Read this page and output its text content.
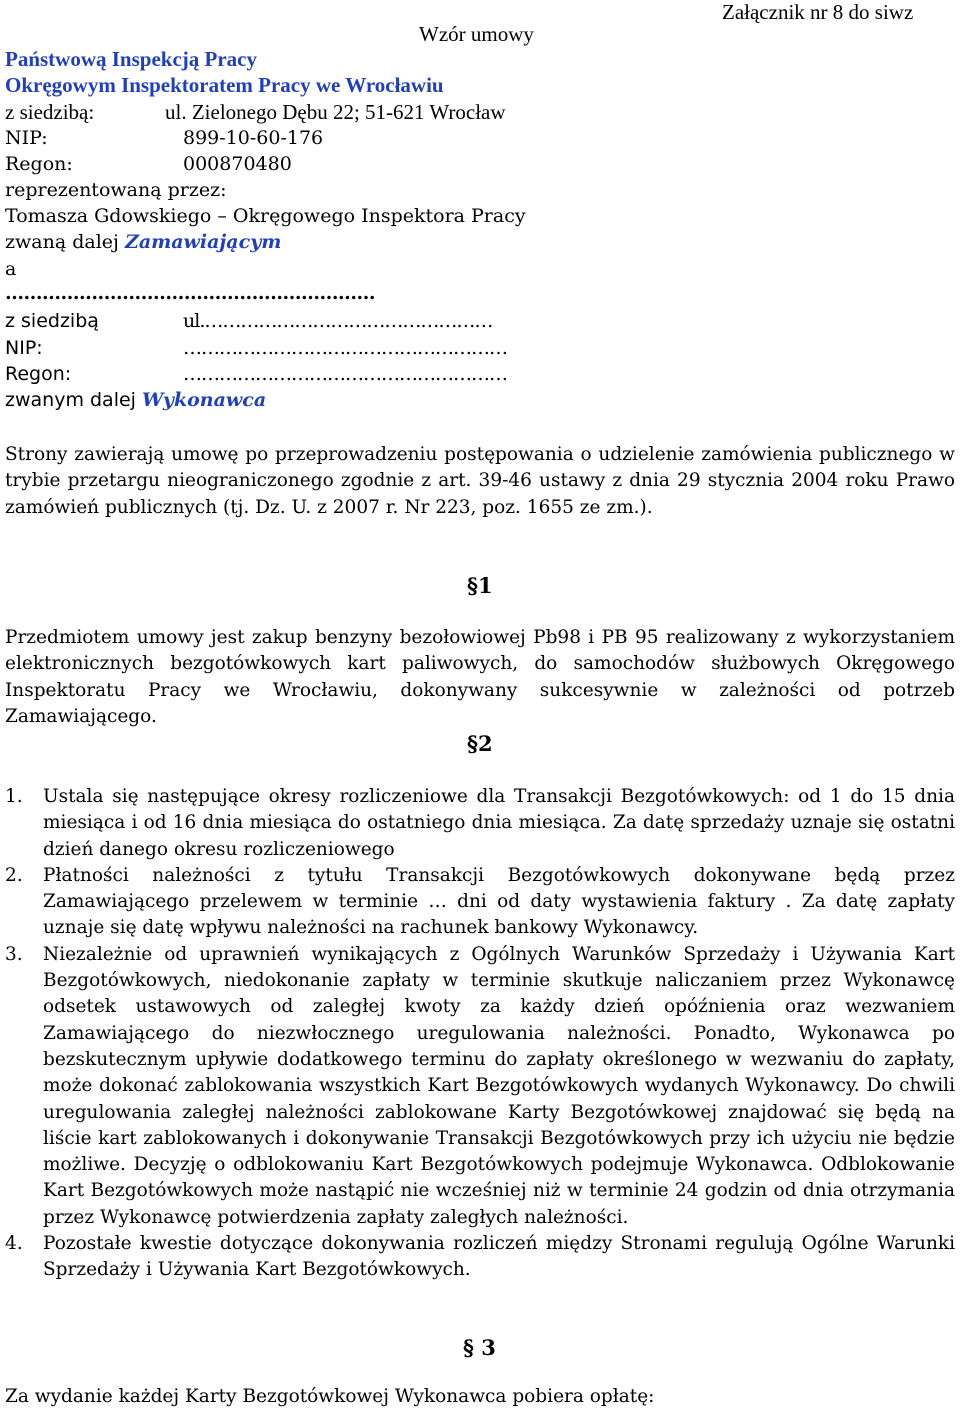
Załącznik nr 8 do siwz
Wzór umowy
Państwową Inspekcją Pracy
Okręgowym Inspektoratem Pracy we Wrocławiu
z siedzibą:	ul. Zielonego Dębu 22; 51-621 Wrocław
NIP:	899-10-60-176
Regon:	000870480
reprezentowaną przez:
Tomasza Gdowskiego – Okręgowego Inspektora Pracy
zwaną dalej Zamawiającym
a
……………………………………………………
z siedzibą	ul.…………………………………………
NIP:	………………………………………………
Regon:	………………………………………………
zwanym dalej Wykonawca
Strony zawierają umowę po przeprowadzeniu postępowania o udzielenie zamówienia publicznego w trybie przetargu nieograniczonego zgodnie z art. 39-46 ustawy z dnia 29 stycznia 2004 roku Prawo zamówień publicznych (tj. Dz. U. z 2007 r. Nr 223, poz. 1655 ze zm.).
§1
Przedmiotem umowy jest zakup benzyny bezołowiowej Pb98 i PB 95 realizowany z wykorzystaniem elektronicznych bezgotówkowych kart paliwowych, do samochodów służbowych Okręgowego Inspektoratu Pracy we Wrocławiu, dokonywany sukcesywnie w zależności od potrzeb Zamawiającego.
§2
1. Ustala się następujące okresy rozliczeniowe dla Transakcji Bezgotówkowych: od 1 do 15 dnia miesiąca i od 16 dnia miesiąca do ostatniego dnia miesiąca. Za datę sprzedaży uznaje się ostatni dzień danego okresu rozliczeniowego
2. Płatności należności z tytułu Transakcji Bezgotówkowych dokonywane będą przez Zamawiającego przelewem w terminie … dni od daty wystawienia faktury . Za datę zapłaty uznaje się datę wpływu należności na rachunek bankowy Wykonawcy.
3. Niezależnie od uprawnień wynikających z Ogólnych Warunków Sprzedaży i Używania Kart Bezgotówkowych, niedokonanie zapłaty w terminie skutkuje naliczaniem przez Wykonawcę odsetek ustawowych od zaległej kwoty za każdy dzień opóźnienia oraz wezwaniem Zamawiającego do niezwłocznego uregulowania należności. Ponadto, Wykonawca po bezskutecznym upływie dodatkowego terminu do zapłaty określonego w wezwaniu do zapłaty, może dokonać zablokowania wszystkich Kart Bezgotówkowych wydanych Wykonawcy. Do chwili uregulowania zaległej należności zablokowane Karty Bezgotówkowej znajdować się będą na liście kart zablokowanych i dokonywanie Transakcji Bezgotówkowych przy ich użyciu nie będzie możliwe. Decyzję o odblokowaniu Kart Bezgotówkowych podejmuje Wykonawca. Odblokowanie Kart Bezgotówkowych może nastąpić nie wcześniej niż w terminie 24 godzin od dnia otrzymania przez Wykonawcę potwierdzenia zapłaty zaległych należności.
4. Pozostałe kwestie dotyczące dokonywania rozliczeń między Stronami regulują Ogólne Warunki Sprzedaży i Używania Kart Bezgotówkowych.
§ 3
Za wydanie każdej Karty Bezgotówkowej Wykonawca pobiera opłatę:
